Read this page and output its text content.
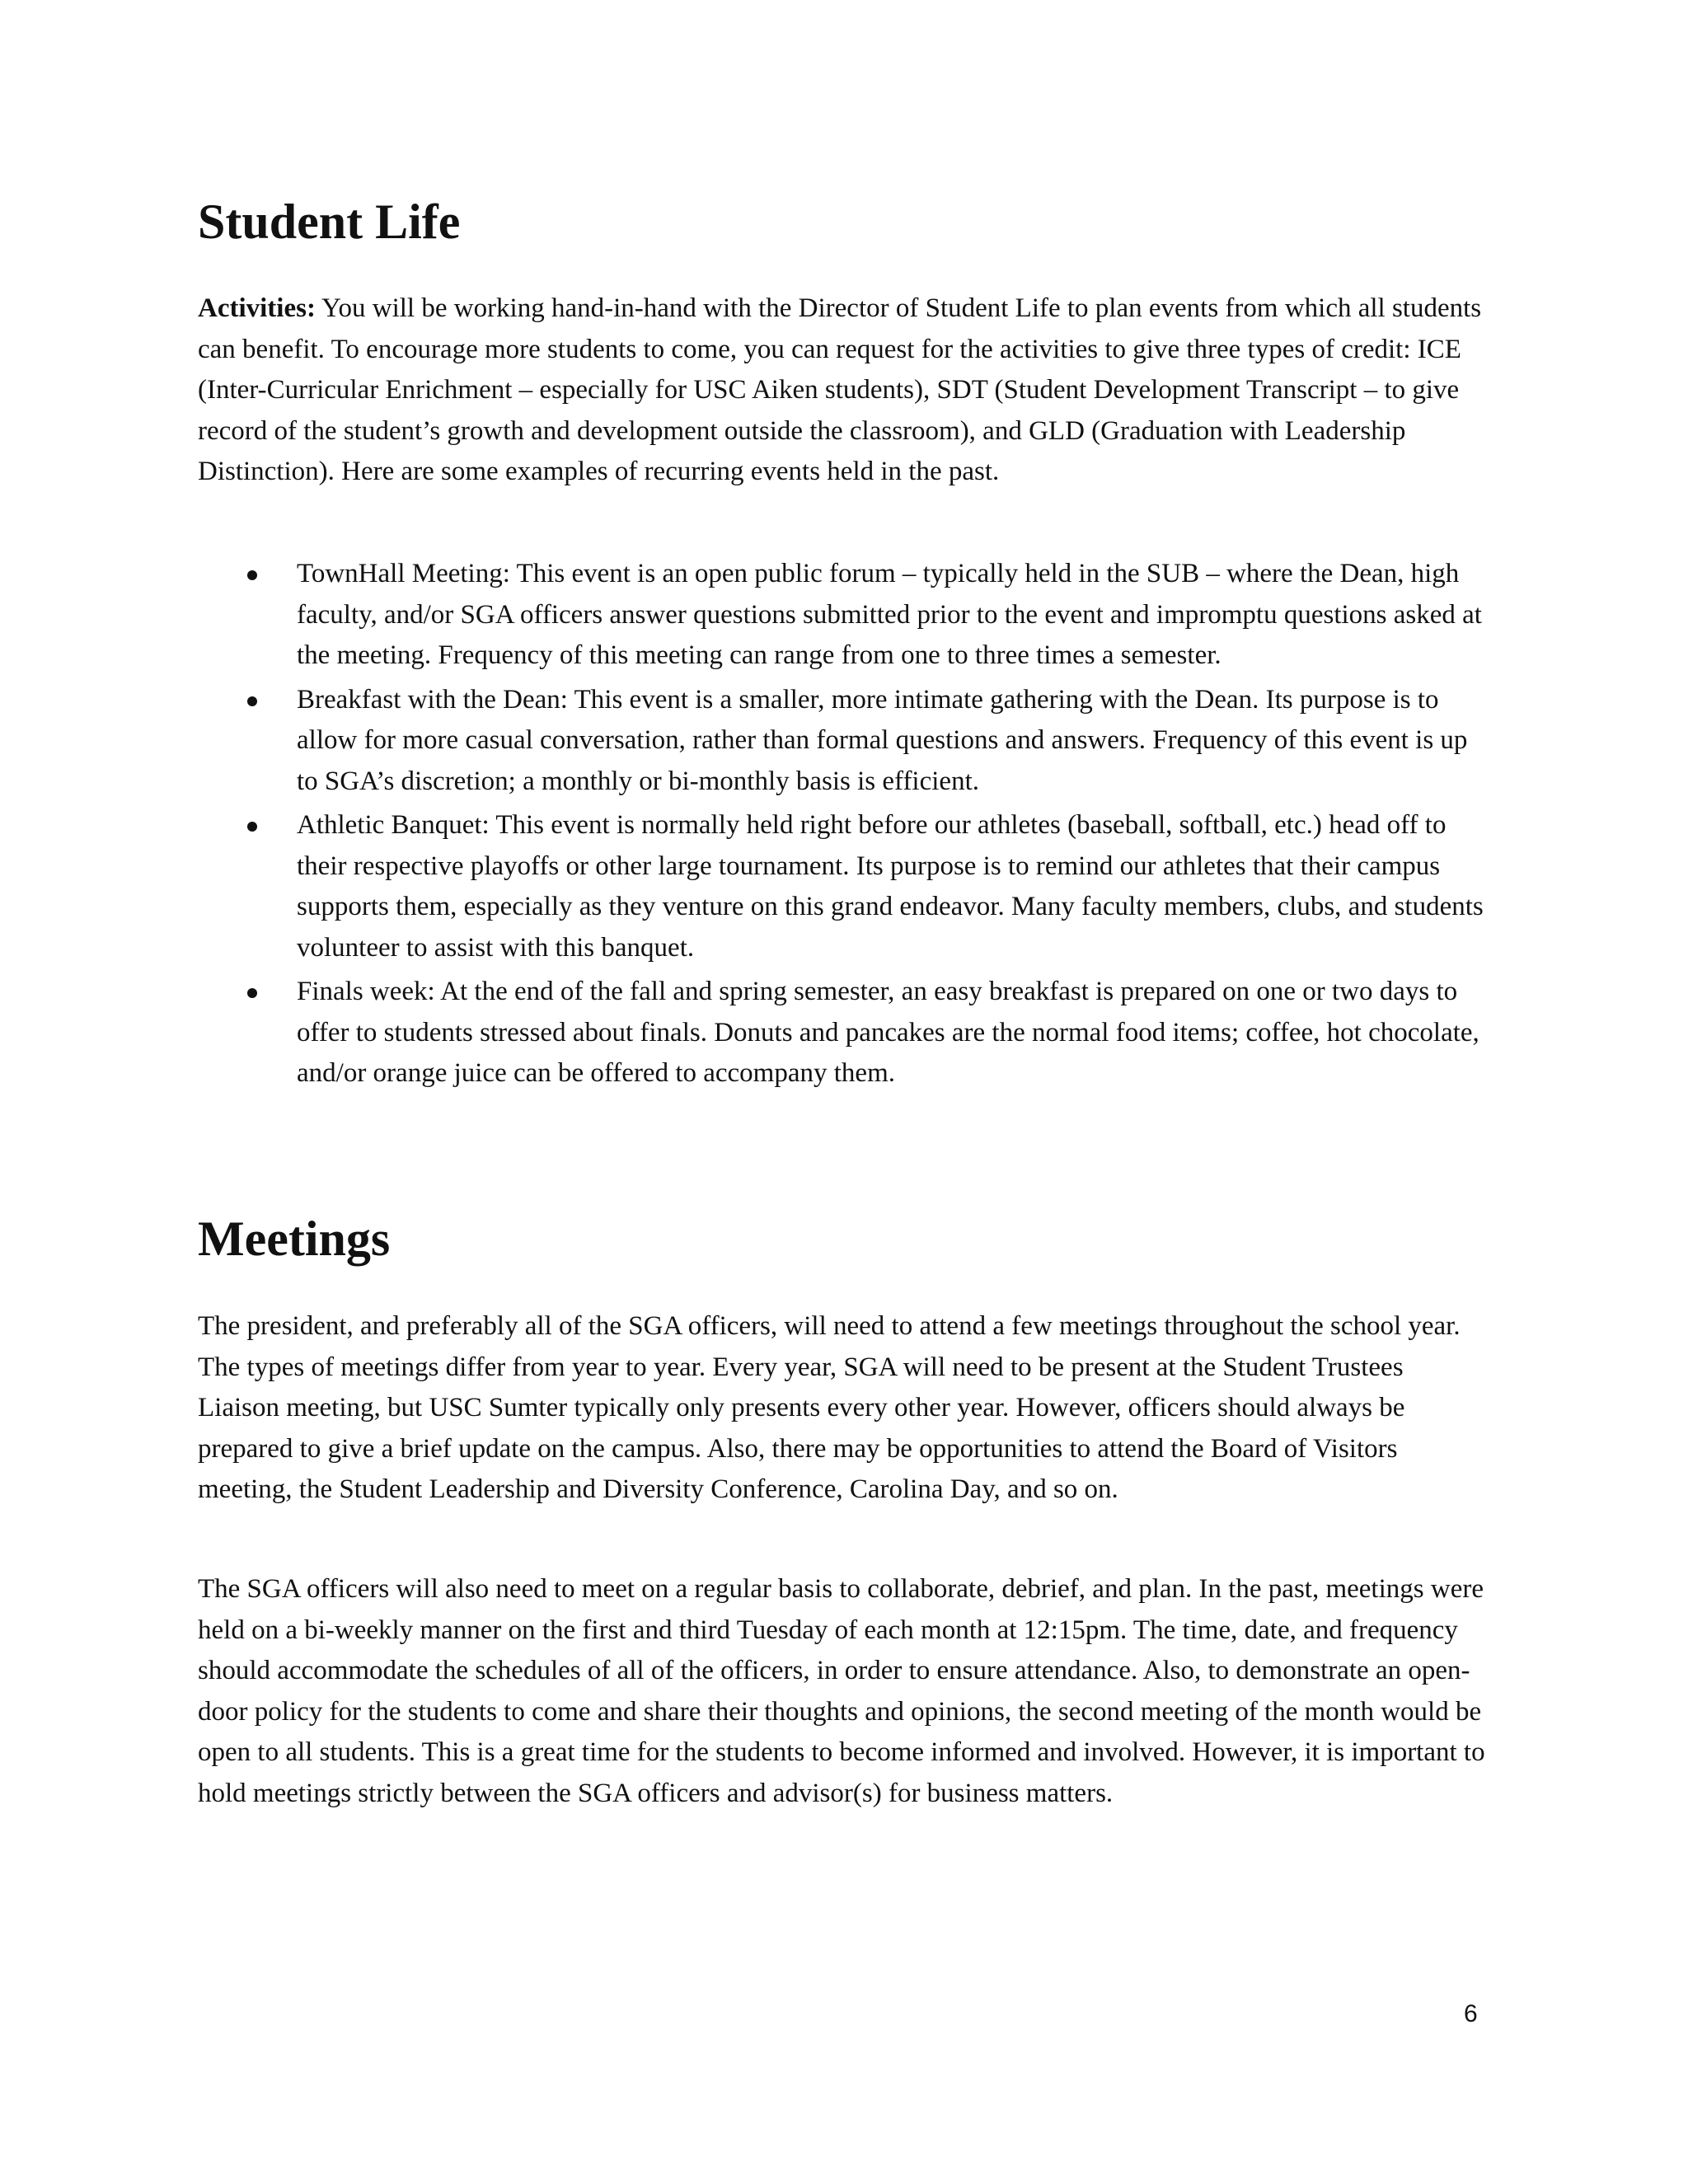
Student Life

Activities: You will be working hand-in-hand with the Director of Student Life to plan events from which all students can benefit. To encourage more students to come, you can request for the activities to give three types of credit: ICE (Inter-Curricular Enrichment – especially for USC Aiken students), SDT (Student Development Transcript – to give record of the student’s growth and development outside the classroom), and GLD (Graduation with Leadership Distinction). Here are some examples of recurring events held in the past.

TownHall Meeting: This event is an open public forum – typically held in the SUB – where the Dean, high faculty, and/or SGA officers answer questions submitted prior to the event and impromptu questions asked at the meeting. Frequency of this meeting can range from one to three times a semester.
Breakfast with the Dean: This event is a smaller, more intimate gathering with the Dean. Its purpose is to allow for more casual conversation, rather than formal questions and answers. Frequency of this event is up to SGA’s discretion; a monthly or bi-monthly basis is efficient.
Athletic Banquet: This event is normally held right before our athletes (baseball, softball, etc.) head off to their respective playoffs or other large tournament. Its purpose is to remind our athletes that their campus supports them, especially as they venture on this grand endeavor. Many faculty members, clubs, and students volunteer to assist with this banquet.
Finals week: At the end of the fall and spring semester, an easy breakfast is prepared on one or two days to offer to students stressed about finals. Donuts and pancakes are the normal food items; coffee, hot chocolate, and/or orange juice can be offered to accompany them.
Meetings

The president, and preferably all of the SGA officers, will need to attend a few meetings throughout the school year. The types of meetings differ from year to year. Every year, SGA will need to be present at the Student Trustees Liaison meeting, but USC Sumter typically only presents every other year. However, officers should always be prepared to give a brief update on the campus. Also, there may be opportunities to attend the Board of Visitors meeting, the Student Leadership and Diversity Conference, Carolina Day, and so on.

The SGA officers will also need to meet on a regular basis to collaborate, debrief, and plan. In the past, meetings were held on a bi-weekly manner on the first and third Tuesday of each month at 12:15pm. The time, date, and frequency should accommodate the schedules of all of the officers, in order to ensure attendance. Also, to demonstrate an open-door policy for the students to come and share their thoughts and opinions, the second meeting of the month would be open to all students. This is a great time for the students to become informed and involved. However, it is important to hold meetings strictly between the SGA officers and advisor(s) for business matters.

6
